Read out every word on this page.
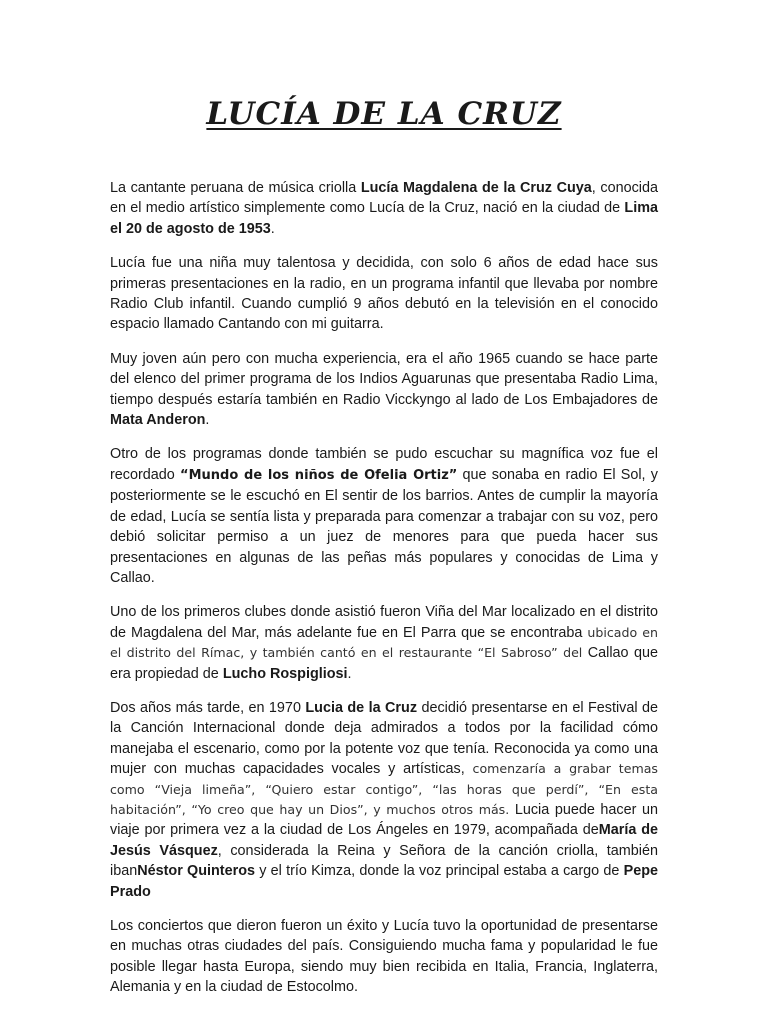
LUCÍA DE LA CRUZ

La cantante peruana de música criolla Lucía Magdalena de la Cruz Cuya, conocida en el medio artístico simplemente como Lucía de la Cruz, nació en la ciudad de Lima el 20 de agosto de 1953.

Lucía fue una niña muy talentosa y decidida, con solo 6 años de edad hace sus primeras presentaciones en la radio, en un programa infantil que llevaba por nombre Radio Club infantil. Cuando cumplió 9 años debutó en la televisión en el conocido espacio llamado Cantando con mi guitarra.

Muy joven aún pero con mucha experiencia, era el año 1965 cuando se hace parte del elenco del primer programa de los Indios Aguarunas que presentaba Radio Lima, tiempo después estaría también en Radio Vicckyngo al lado de Los Embajadores de Mata Anderon.

Otro de los programas donde también se pudo escuchar su magnífica voz fue el recordado “Mundo de los niños de Ofelia Ortiz” que sonaba en radio El Sol, y posteriormente se le escuchó en El sentir de los barrios. Antes de cumplir la mayoría de edad, Lucía se sentía lista y preparada para comenzar a trabajar con su voz, pero debió solicitar permiso a un juez de menores para que pueda hacer sus presentaciones en algunas de las peñas más populares y conocidas de Lima y Callao.

Uno de los primeros clubes donde asistió fueron Viña del Mar localizado en el distrito de Magdalena del Mar, más adelante fue en El Parra que se encontraba ubicado en el distrito del Rímac, y también cantó en el restaurante “El Sabroso” del Callao que era propiedad de Lucho Rospigliosi.

Dos años más tarde, en 1970 Lucia de la Cruz decidió presentarse en el Festival de la Canción Internacional donde deja admirados a todos por la facilidad cómo manejaba el escenario, como por la potente voz que tenía. Reconocida ya como una mujer con muchas capacidades vocales y artísticas, comenzaría a grabar temas como “Vieja limeña”, “Quiero estar contigo”, “las horas que perdí”, “En esta habitación”, “Yo creo que hay un Dios”, y muchos otros más. Lucia puede hacer un viaje por primera vez a la ciudad de Los Ángeles en 1979, acompañada deMaría de Jesús Vásquez, considerada la Reina y Señora de la canción criolla, también ibanNéstor Quinteros y el trío Kimza, donde la voz principal estaba a cargo de Pepe Prado

Los conciertos que dieron fueron un éxito y Lucía tuvo la oportunidad de presentarse en muchas otras ciudades del país. Consiguiendo mucha fama y popularidad le fue posible llegar hasta Europa, siendo muy bien recibida en Italia, Francia, Inglaterra, Alemania y en la ciudad de Estocolmo.
